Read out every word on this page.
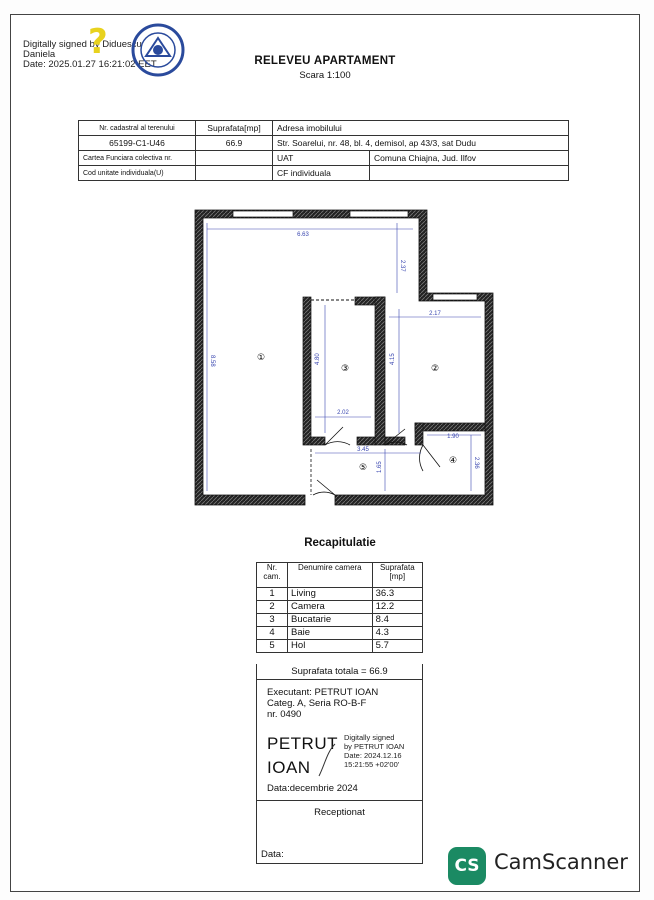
Digitally signed by Diduescu
Daniela
Date: 2025.01.27 16:21:02 EET
?	RELEVEU APARTAMENT
Scara 1:100
Nr. cadastral al terenului	Suprafata[mp]	Adresa imobilului	
65199-C1-U46	66.9	Str. Soarelui, nr. 48, bl. 4, demisol, ap 43/3, sat Dudu	
Cartea Funciara colectiva nr.		UAT	Comuna Chiajna, Jud. Ilfov
Cod unitate individuala(U)		CF individuala	
6.63
2.37
8.58	4.80
2.02
2.17
4.15
3.45
1.65
1.90
2.36
①
②
③
④
⑤
Recapitulatie
Nr. cam.	Denumire camera	Suprafata [mp]
1	Living	36.3
2	Camera	12.2
3	Bucatarie	8.4
4	Baie	4.3
5	Hol	5.7
Suprafata totala = 66.9
Executant: PETRUT IOAN
Categ. A, Seria RO-B-F
nr. 0490
PETRUT
IOAN
Digitally signed
by PETRUT IOAN
Date: 2024.12.16
15:21:55 +02'00'
Data:decembrie 2024
Receptionat
Data:
CS CamScanner
